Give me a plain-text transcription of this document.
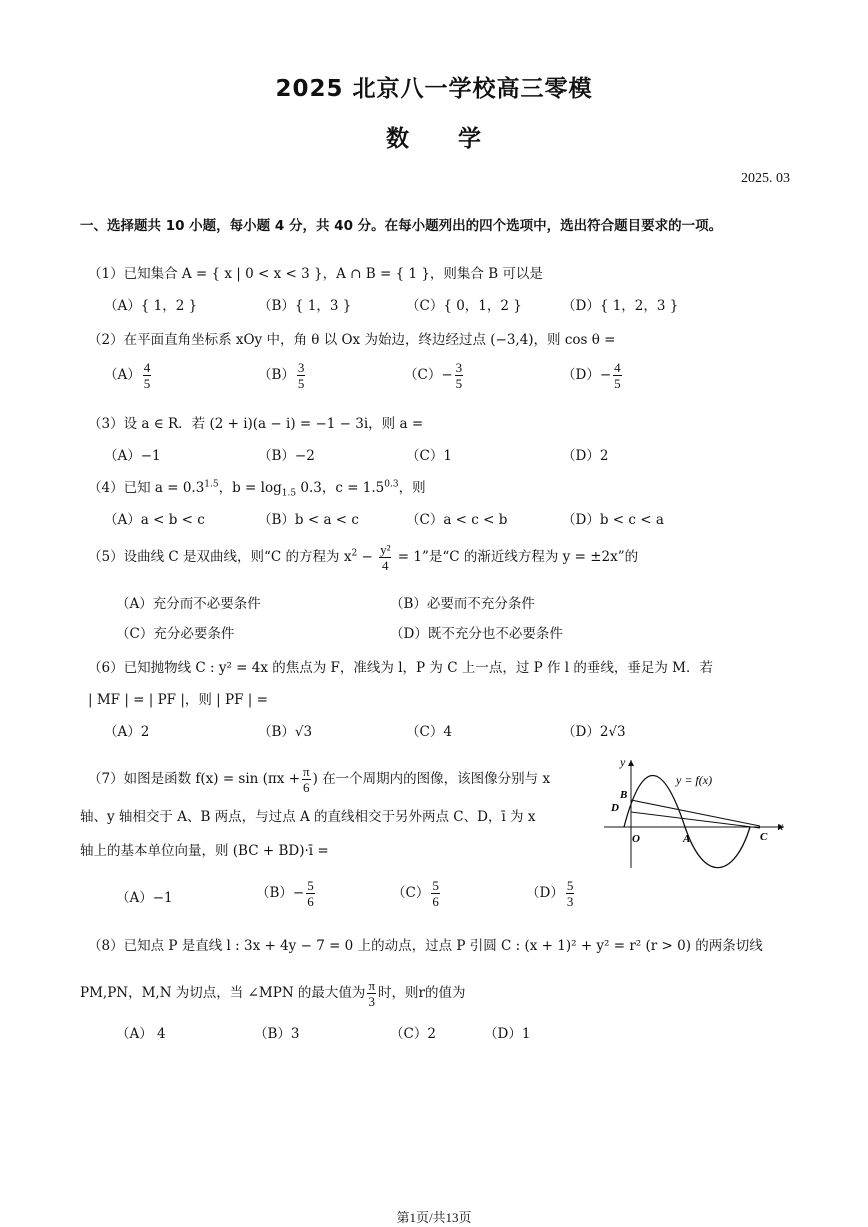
2025 北京八一学校高三零模
数　　学
2025. 03
一、选择题共 10 小题，每小题 4 分，共 40 分。在每小题列出的四个选项中，选出符合题目要求的一项。
（1）已知集合 A = { x | 0 < x < 3 }，A ∩ B = { 1 }，则集合 B 可以是
（A）{ 1，2 }	（B）{ 1，3 }	（C）{ 0，1，2 }	（D）{ 1，2，3 }
（2）在平面直角坐标系 xOy 中，角 θ 以 Ox 为始边，终边经过点 (−3,4)，则 cos θ =
$(A) \frac{4}{5}$	$(B) \frac{3}{5}$	$(C)- \frac{3}{5}$	$(D)- \frac{4}{5}$
（3）设 a ∈ R．若 (2 + i)(a − i) = −1 − 3i，则 a =
（A）−1	（B）−2	（C）1	（D）2
（4）已知 $a = 0.3^{1.5}$，$b = \log_{1.5} 0.3$，$c = 1.5^{0.3}$，则
（A）a < b < c	（B）b < a < c	（C）a < c < b	（D）b < c < a
（5）设曲线 C 是双曲线，则“C 的方程为 $x^2 - \frac{\text{y²}}{4} = 1$”是“C 的渐近线方程为 y = ±2x”的
（A）充分而不必要条件	（B）必要而不充分条件
（C）充分必要条件	（D）既不充分也不必要条件
（6）已知抛物线 C : y² = 4x 的焦点为 F，准线为 l，P 为 C 上一点，过 P 作 l 的垂线，垂足为 M．若
| MF | = | PF |，则 | PF | =
（A）2	（B）√3	（C）4	（D）2√3
（7）如图是函数 $f(x) = \sin (\pi x + \frac{\pi}{6}$ ) 在一个周期内的图像，该图像分别与 x
轴、y 轴相交于 A、B 两点，与过点 A 的直线相交于另外两点 C、D，ī 为 x
轴上的基本单位向量，则 (BC + BD)·ī =
（A）−1	$(B)- \frac{5}{6}$	$(C) \frac{5}{6}$	$(D) \frac{5}{3}$
y
x
y = f(x)
O	A
B
C
D
（8）已知点 P 是直线 l : 3x + 4y − 7 = 0 上的动点，过点 P 引圆 C : (x + 1)² + y² = r² (r > 0) 的两条切线
PM,PN，M,N 为切点，当 ∠MPN 的最大值为 $\frac{\pi}{3}$ 时，则r的值为
（A） 4	（B）3	（C）2	（D）1
第1页/共13页
